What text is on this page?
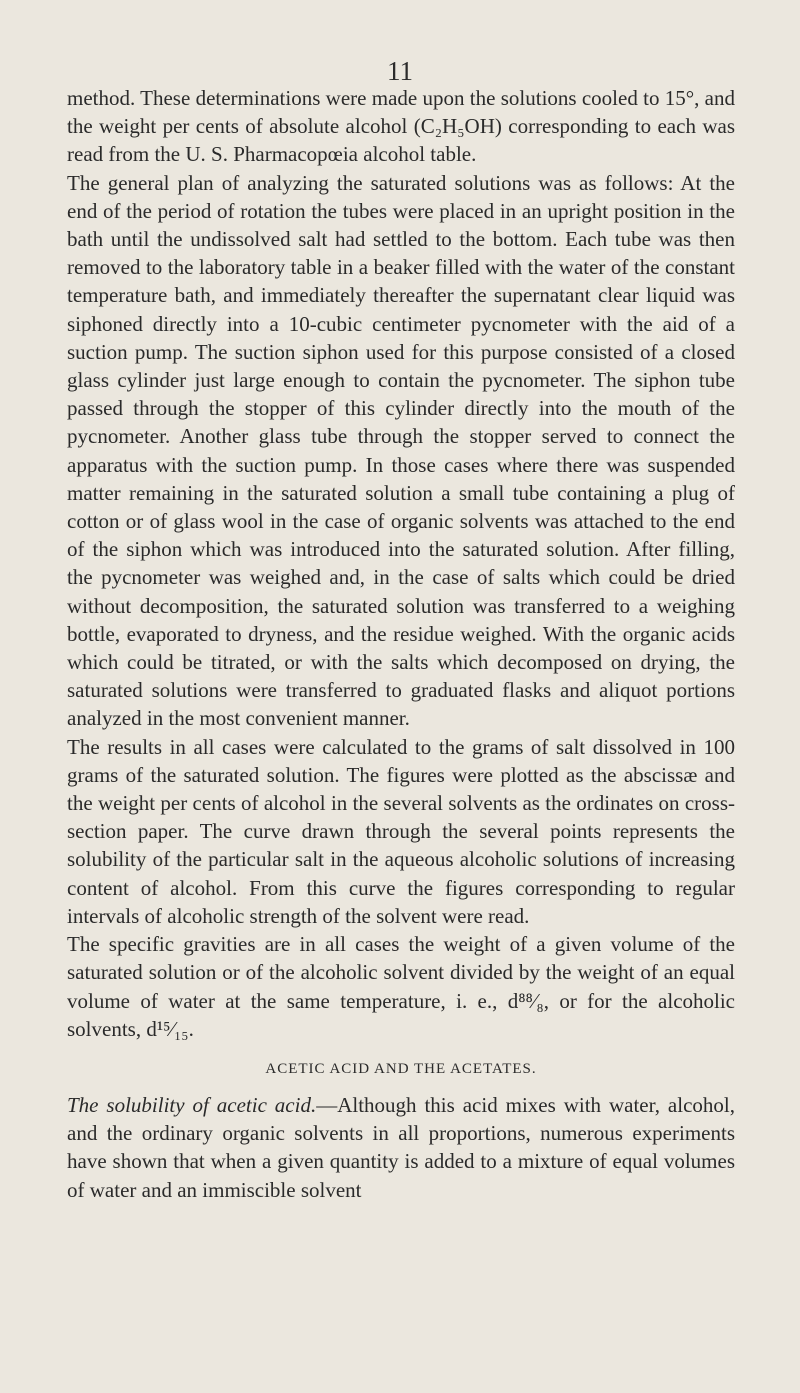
11

method. These determinations were made upon the solutions cooled to 15°, and the weight per cents of absolute alcohol (C₂H₅OH) corresponding to each was read from the U. S. Pharmacopœia alcohol table.

The general plan of analyzing the saturated solutions was as follows: At the end of the period of rotation the tubes were placed in an upright position in the bath until the undissolved salt had settled to the bottom. Each tube was then removed to the laboratory table in a beaker filled with the water of the constant temperature bath, and immediately thereafter the supernatant clear liquid was siphoned directly into a 10-cubic centimeter pycnometer with the aid of a suction pump. The suction siphon used for this purpose consisted of a closed glass cylinder just large enough to contain the pycnometer. The siphon tube passed through the stopper of this cylinder directly into the mouth of the pycnometer. Another glass tube through the stopper served to connect the apparatus with the suction pump. In those cases where there was suspended matter remaining in the saturated solution a small tube containing a plug of cotton or of glass wool in the case of organic solvents was attached to the end of the siphon which was introduced into the saturated solution. After filling, the pycnometer was weighed and, in the case of salts which could be dried without decomposition, the saturated solution was transferred to a weighing bottle, evaporated to dryness, and the residue weighed. With the organic acids which could be titrated, or with the salts which decomposed on drying, the saturated solutions were transferred to graduated flasks and aliquot portions analyzed in the most convenient manner.

The results in all cases were calculated to the grams of salt dissolved in 100 grams of the saturated solution. The figures were plotted as the abscissæ and the weight per cents of alcohol in the several solvents as the ordinates on cross-section paper. The curve drawn through the several points represents the solubility of the particular salt in the aqueous alcoholic solutions of increasing content of alcohol. From this curve the figures corresponding to regular intervals of alcoholic strength of the solvent were read.

The specific gravities are in all cases the weight of a given volume of the saturated solution or of the alcoholic solvent divided by the weight of an equal volume of water at the same temperature, i. e., d⁸⁸⁄₈, or for the alcoholic solvents, d¹⁵⁄₁₅.

ACETIC ACID AND THE ACETATES.

The solubility of acetic acid.—Although this acid mixes with water, alcohol, and the ordinary organic solvents in all proportions, numerous experiments have shown that when a given quantity is added to a mixture of equal volumes of water and an immiscible solvent
